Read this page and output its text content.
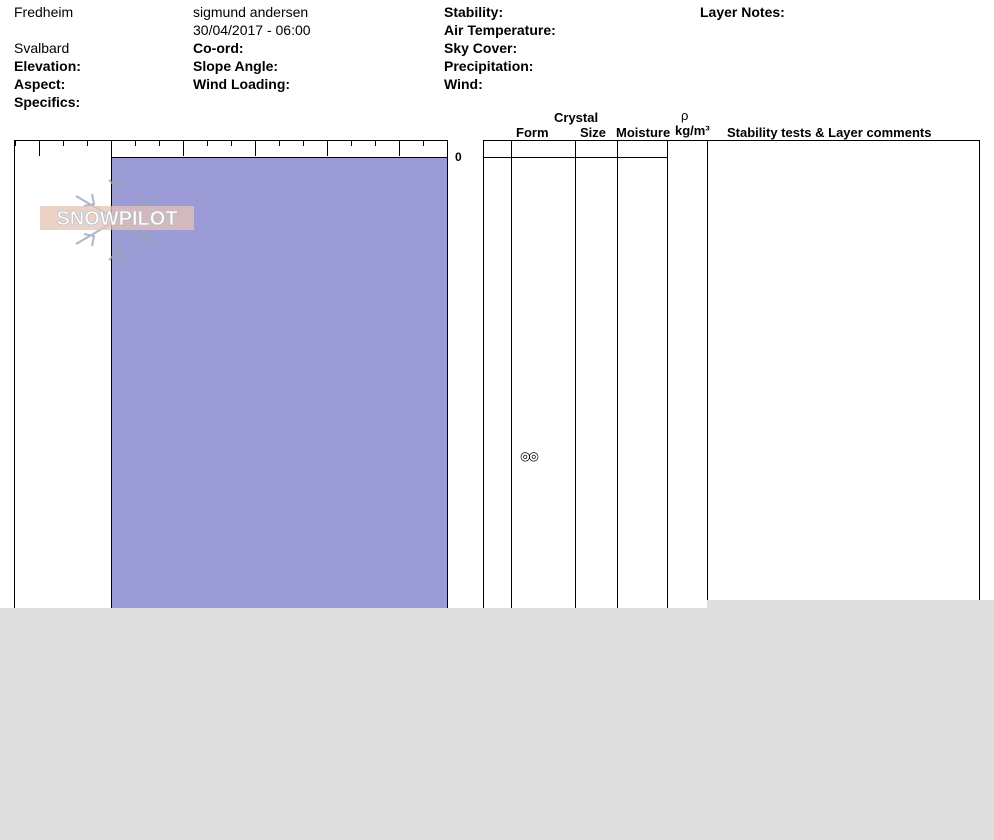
Fredheim
Svalbard
Elevation:
Aspect:
Specifics:
sigmund andersen
30/04/2017 - 06:00
Co-ord:
Slope Angle:
Wind Loading:
Stability:
Air Temperature:
Sky Cover:
Precipitation:
Wind:
Layer Notes:
0
SNOWPILOT
Crystal
Form Size Moisture
ρ
kg/m³ Stability tests & Layer comments
◎◎
